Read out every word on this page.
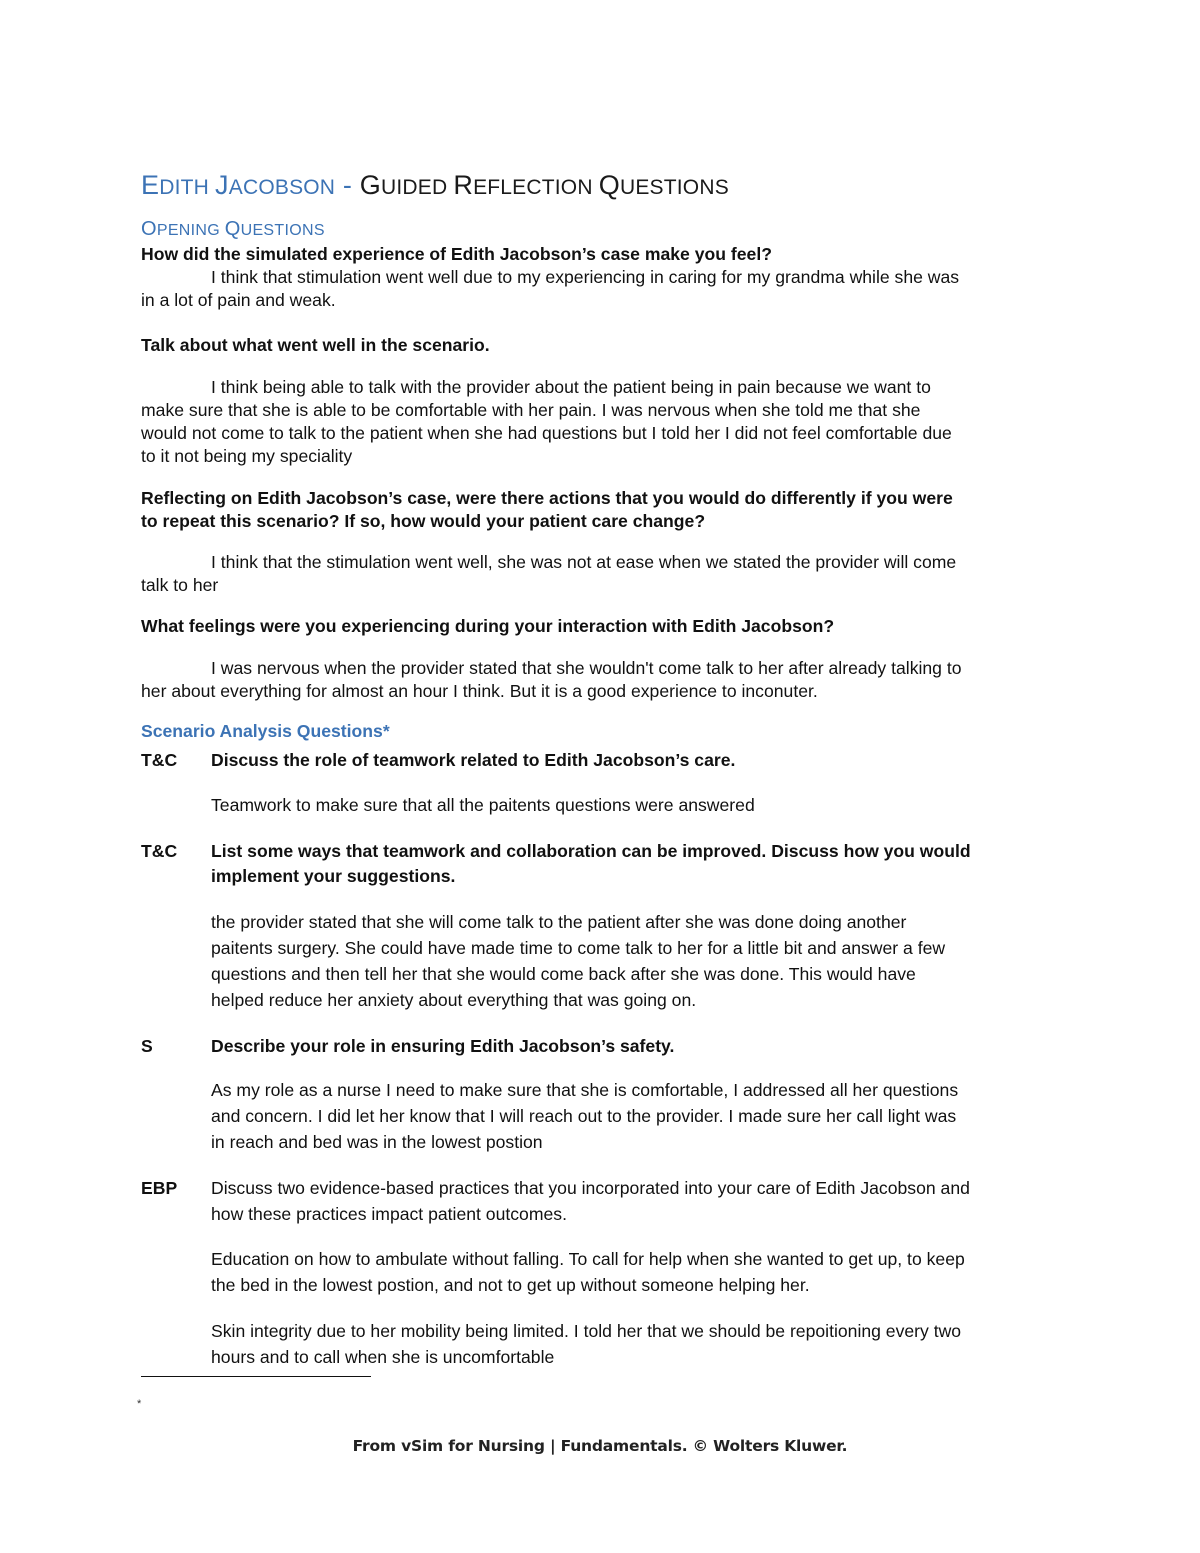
EDITH JACOBSON - GUIDED REFLECTION QUESTIONS
OPENING QUESTIONS

How did the simulated experience of Edith Jacobson’s case make you feel?

I think that stimulation went well due to my experiencing in caring for my grandma while she was

in a lot of pain and weak.

Talk about what went well in the scenario.

I think being able to talk with the provider about the patient being in pain because we want to

make sure that she is able to be comfortable with her pain. I was nervous when she told me that she

would not come to talk to the patient when she had questions but I told her I did not feel comfortable due

to it not being my speciality

Reflecting on Edith Jacobson’s case, were there actions that you would do differently if you were

to repeat this scenario? If so, how would your patient care change?

I think that the stimulation went well, she was not at ease when we stated the provider will come

talk to her

What feelings were you experiencing during your interaction with Edith Jacobson?

I was nervous when the provider stated that she wouldn't come talk to her after already talking to

her about everything for almost an hour I think. But it is a good experience to inconuter.

Scenario Analysis Questions*

T&C Discuss the role of teamwork related to Edith Jacobson’s care.

Teamwork to make sure that all the paitents questions were answered

T&C List some ways that teamwork and collaboration can be improved. Discuss how you would

implement your suggestions.

the provider stated that she will come talk to the patient after she was done doing another

paitents surgery. She could have made time to come talk to her for a little bit and answer a few

questions and then tell her that she would come back after she was done. This would have

helped reduce her anxiety about everything that was going on.

S	Describe your role in ensuring Edith Jacobson’s safety.

As my role as a nurse I need to make sure that she is comfortable, I addressed all her questions

and concern. I did let her know that I will reach out to the provider. I made sure her call light was

in reach and bed was in the lowest postion

EBP Discuss two evidence-based practices that you incorporated into your care of Edith Jacobson and

how these practices impact patient outcomes.

Education on how to ambulate without falling. To call for help when she wanted to get up, to keep

the bed in the lowest postion, and not to get up without someone helping her.

Skin integrity due to her mobility being limited. I told her that we should be repoitioning every two

hours and to call when she is uncomfortable

*
From vSim for Nursing | Fundamentals. © Wolters Kluwer.
